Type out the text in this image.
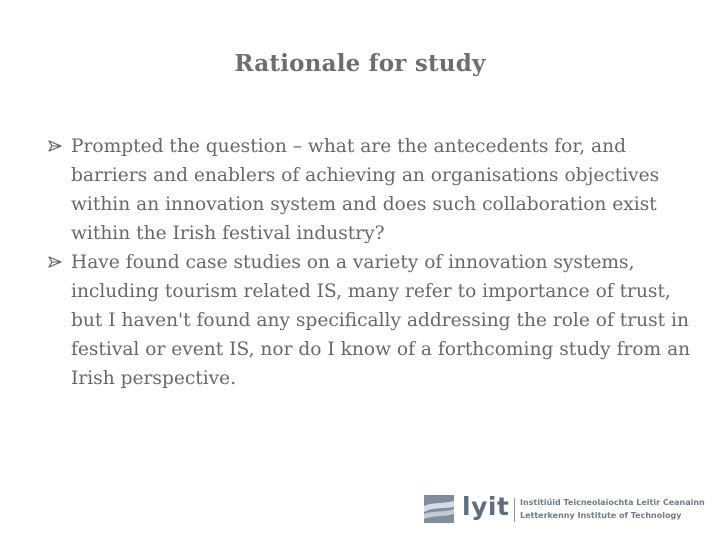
Rationale for study
Prompted the question – what are the antecedents for, and barriers and enablers of achieving an organisations objectives within an innovation system and does such collaboration exist within the Irish festival industry?
Have found case studies on a variety of innovation systems, including tourism related IS, many refer to importance of trust, but I haven't found any specifically addressing the role of trust in festival or event IS, nor do I know of a forthcoming study from an Irish perspective.
lyit Institiúid Teicneolaíochta Leitir Ceanainn
Letterkenny Institute of Technology
